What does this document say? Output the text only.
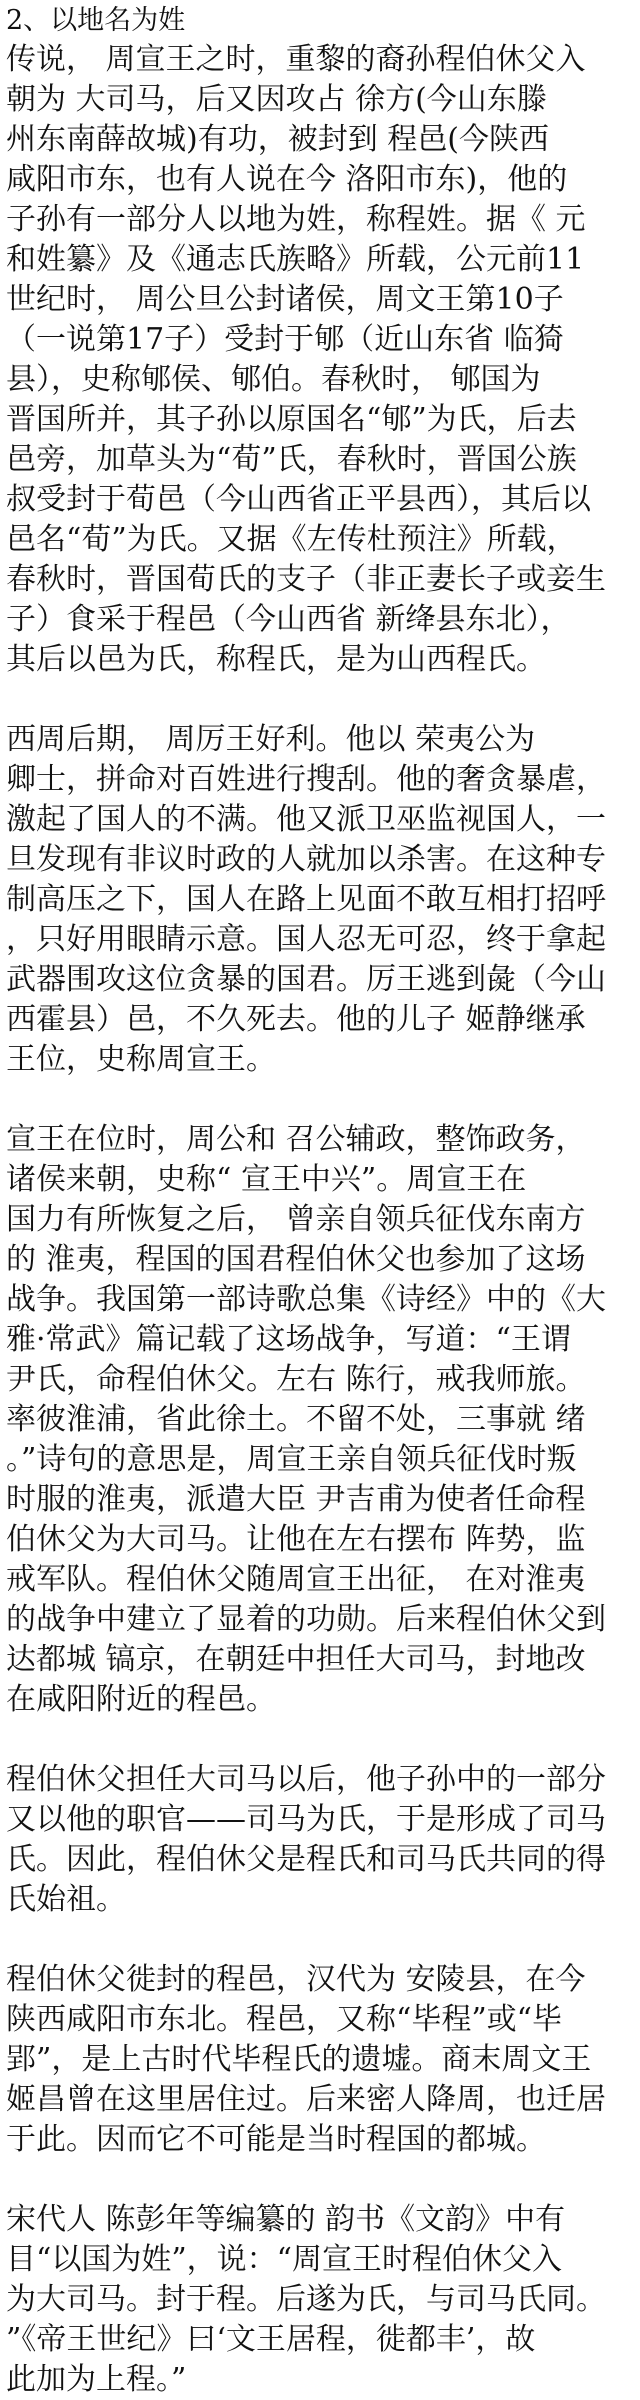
2、以地名为姓
传说， 周宣王之时，重黎的裔孙程伯休父入
朝为 大司马，后又因攻占 徐方(今山东滕
州东南薛故城)有功，被封到 程邑(今陕西
咸阳市东，也有人说在今 洛阳市东)，他的
子孙有一部分人以地为姓，称程姓。据《 元
和姓纂》及《通志氏族略》所载，公元前11
世纪时， 周公旦公封诸侯，周文王第10子
（一说第17子）受封于郇（近山东省 临猗
县），史称郇侯、郇伯。春秋时， 郇国为
晋国所并，其子孙以原国名“郇”为氏，后去
邑旁，加草头为“荀”氏，春秋时，晋国公族
叔受封于荀邑（今山西省正平县西），其后以
邑名“荀”为氏。又据《左传杜预注》所载，
春秋时，晋国荀氏的支子（非正妻长子或妾生
子）食采于程邑（今山西省 新绛县东北），
其后以邑为氏，称程氏，是为山西程氏。
西周后期， 周厉王好利。他以 荣夷公为
卿士，拼命对百姓进行搜刮。他的奢贪暴虐，
激起了国人的不满。他又派卫巫监视国人，一
旦发现有非议时政的人就加以杀害。在这种专
制高压之下，国人在路上见面不敢互相打招呼
，只好用眼睛示意。国人忍无可忍，终于拿起
武器围攻这位贪暴的国君。厉王逃到彘（今山
西霍县）邑，不久死去。他的儿子 姬静继承
王位，史称周宣王。
宣王在位时，周公和 召公辅政，整饰政务，
诸侯来朝，史称“ 宣王中兴”。周宣王在
国力有所恢复之后， 曾亲自领兵征伐东南方
的 淮夷，程国的国君程伯休父也参加了这场
战争。我国第一部诗歌总集《诗经》中的《大
雅·常武》篇记载了这场战争，写道：“王谓
尹氏，命程伯休父。左右 陈行，戒我师旅。
率彼淮浦，省此徐土。不留不处，三事就 绪
。”诗句的意思是，周宣王亲自领兵征伐时叛
时服的淮夷，派遣大臣 尹吉甫为使者任命程
伯休父为大司马。让他在左右摆布 阵势，监
戒军队。程伯休父随周宣王出征， 在对淮夷
的战争中建立了显着的功勋。后来程伯休父到
达都城 镐京，在朝廷中担任大司马，封地改
在咸阳附近的程邑。
程伯休父担任大司马以后，他子孙中的一部分
又以他的职官——司马为氏，于是形成了司马
氏。因此，程伯休父是程氏和司马氏共同的得
氏始祖。
程伯休父徙封的程邑，汉代为 安陵县，在今
陕西咸阳市东北。程邑，又称“毕程”或“毕
郢”，是上古时代毕程氏的遗墟。商末周文王
姬昌曾在这里居住过。后来密人降周，也迁居
于此。因而它不可能是当时程国的都城。
宋代人 陈彭年等编纂的 韵书《文韵》中有
目“以国为姓”，说：“周宣王时程伯休父入
为大司马。封于程。后遂为氏，与司马氏同。
”《帝王世纪》曰‘文王居程，徙都丰’，故
此加为上程。”
